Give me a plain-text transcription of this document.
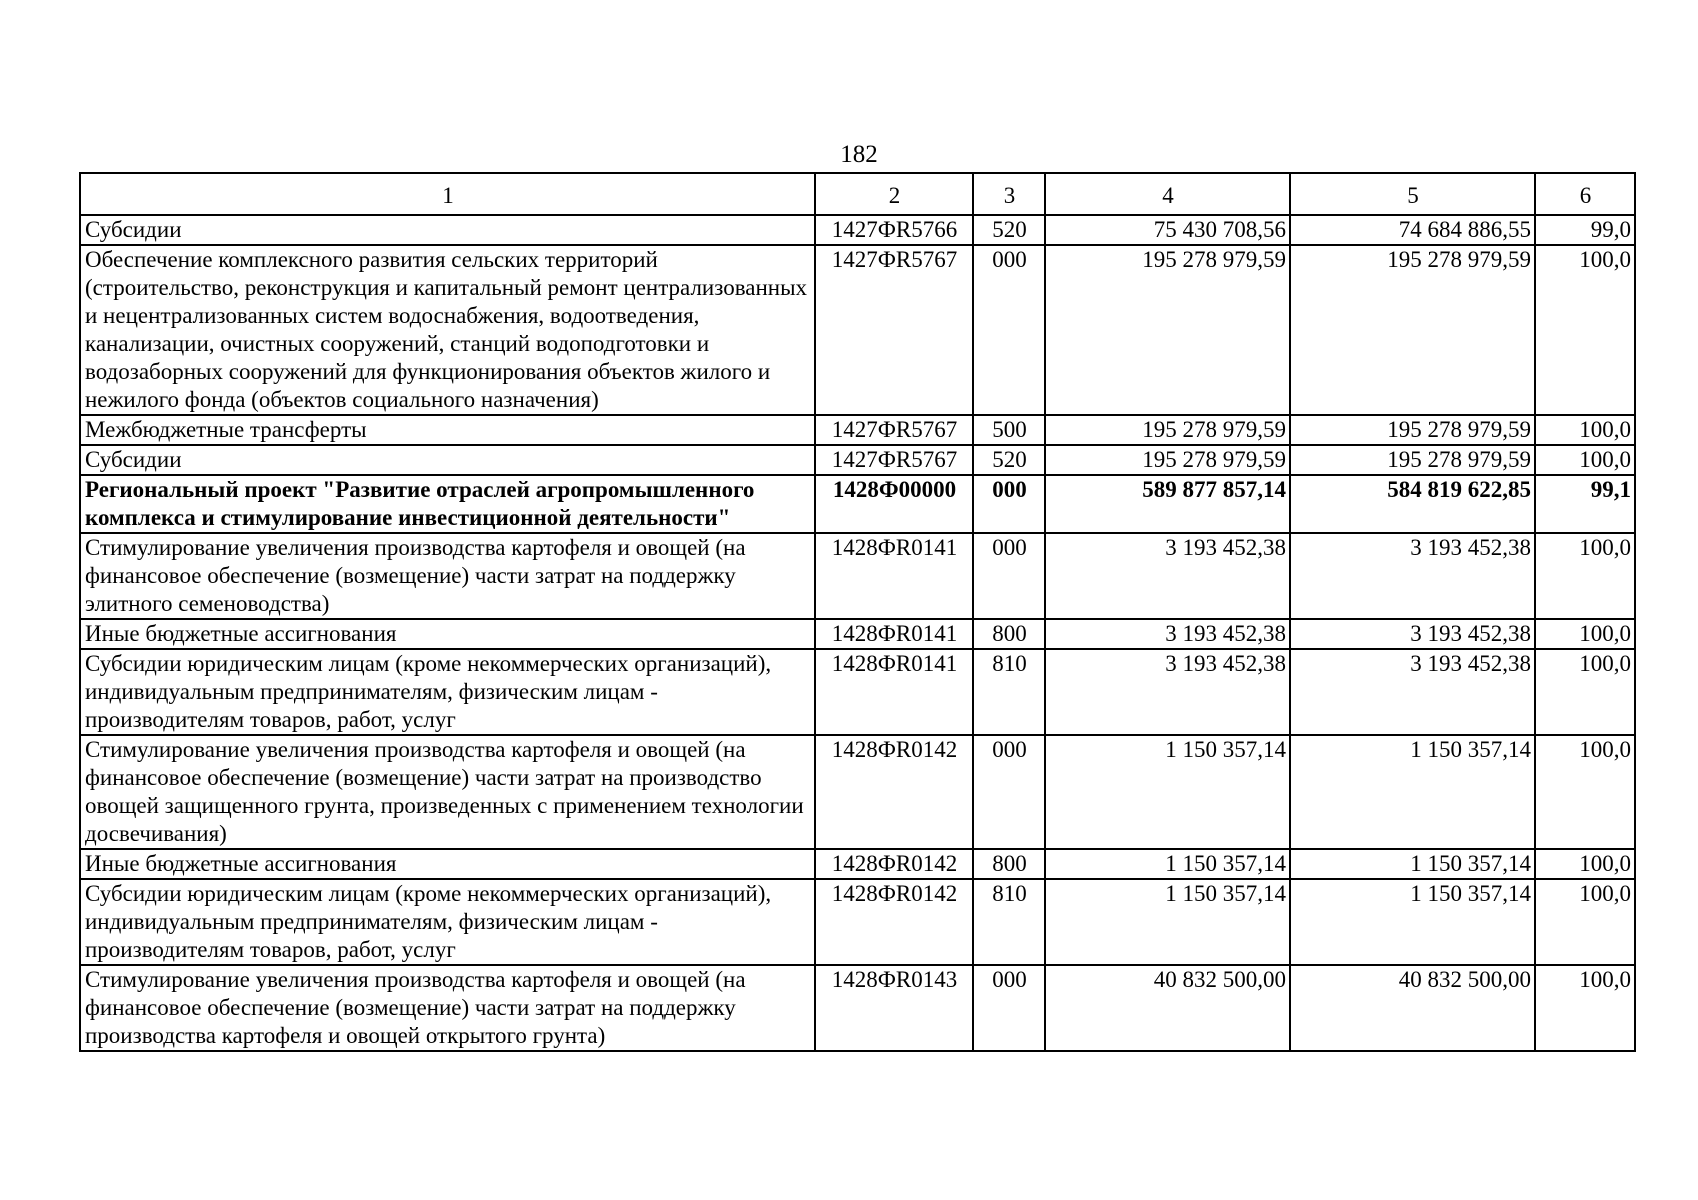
182
1	2	3	4	5	6
Субсидии	1427ФR5766	520	75 430 708,56	74 684 886,55	99,0
Обеспечение комплексного развития сельских территорий (строительство, реконструкция и капитальный ремонт централизованных и нецентрализованных систем водоснабжения, водоотведения, канализации, очистных сооружений, станций водоподготовки и водозаборных сооружений для функционирования объектов жилого и нежилого фонда (объектов социального назначения)	1427ФR5767	000	195 278 979,59	195 278 979,59	100,0
Межбюджетные трансферты	1427ФR5767	500	195 278 979,59	195 278 979,59	100,0
Субсидии	1427ФR5767	520	195 278 979,59	195 278 979,59	100,0
Региональный проект "Развитие отраслей агропромышленного комплекса и стимулирование инвестиционной деятельности"	1428Ф00000	000	589 877 857,14	584 819 622,85	99,1
Стимулирование увеличения производства картофеля и овощей (на финансовое обеспечение (возмещение) части затрат на поддержку элитного семеноводства)	1428ФR0141	000	3 193 452,38	3 193 452,38	100,0
Иные бюджетные ассигнования	1428ФR0141	800	3 193 452,38	3 193 452,38	100,0
Субсидии юридическим лицам (кроме некоммерческих организаций), индивидуальным предпринимателям, физическим лицам - производителям товаров, работ, услуг	1428ФR0141	810	3 193 452,38	3 193 452,38	100,0
Стимулирование увеличения производства картофеля и овощей (на финансовое обеспечение (возмещение) части затрат на производство овощей защищенного грунта, произведенных с применением технологии досвечивания)	1428ФR0142	000	1 150 357,14	1 150 357,14	100,0
Иные бюджетные ассигнования	1428ФR0142	800	1 150 357,14	1 150 357,14	100,0
Субсидии юридическим лицам (кроме некоммерческих организаций), индивидуальным предпринимателям, физическим лицам - производителям товаров, работ, услуг	1428ФR0142	810	1 150 357,14	1 150 357,14	100,0
Стимулирование увеличения производства картофеля и овощей (на финансовое обеспечение (возмещение) части затрат на поддержку производства картофеля и овощей открытого грунта)	1428ФR0143	000	40 832 500,00	40 832 500,00	100,0
